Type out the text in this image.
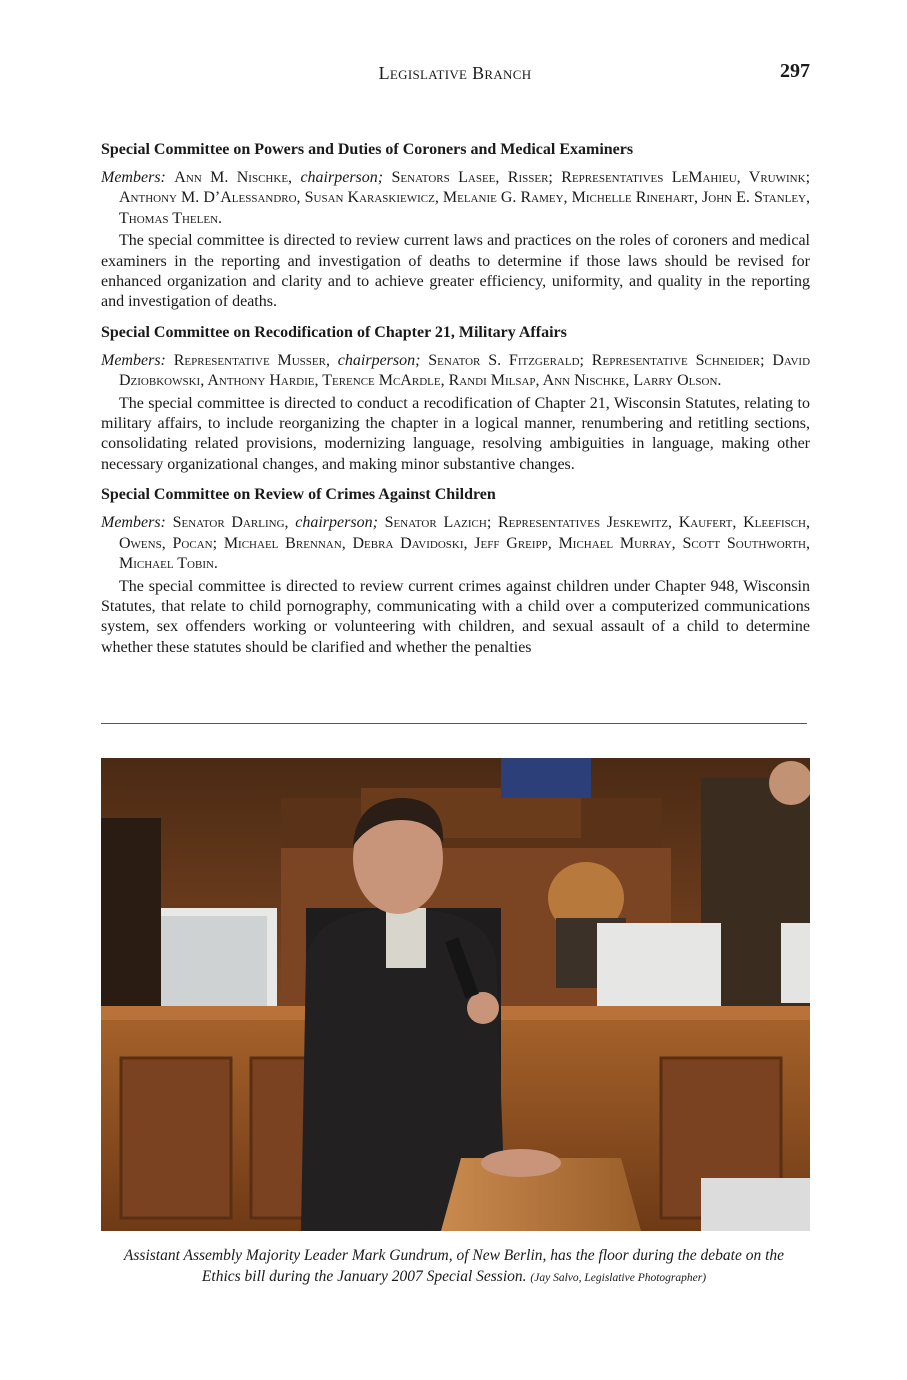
Legislative Branch	297
Special Committee on Powers and Duties of Coroners and Medical Examiners

Members: Ann M. Nischke, chairperson; Senators Lasee, Risser; Representatives LeMahieu, Vruwink; Anthony M. D’Alessandro, Susan Karaskiewicz, Melanie G. Ramey, Michelle Rinehart, John E. Stanley, Thomas Thelen.

The special committee is directed to review current laws and practices on the roles of coroners and medical examiners in the reporting and investigation of deaths to determine if those laws should be revised for enhanced organization and clarity and to achieve greater efficiency, uniformity, and quality in the reporting and investigation of deaths.

Special Committee on Recodification of Chapter 21, Military Affairs

Members: Representative Musser, chairperson; Senator S. Fitzgerald; Representative Schneider; David Dziobkowski, Anthony Hardie, Terence McArdle, Randi Milsap, Ann Nischke, Larry Olson.

The special committee is directed to conduct a recodification of Chapter 21, Wisconsin Statutes, relating to military affairs, to include reorganizing the chapter in a logical manner, renumbering and retitling sections, consolidating related provisions, modernizing language, resolving ambiguities in language, making other necessary organizational changes, and making minor substantive changes.

Special Committee on Review of Crimes Against Children

Members: Senator Darling, chairperson; Senator Lazich; Representatives Jeskewitz, Kaufert, Kleefisch, Owens, Pocan; Michael Brennan, Debra Davidoski, Jeff Greipp, Michael Murray, Scott Southworth, Michael Tobin.

The special committee is directed to review current crimes against children under Chapter 948, Wisconsin Statutes, that relate to child pornography, communicating with a child over a computerized communications system, sex offenders working or volunteering with children, and sexual assault of a child to determine whether these statutes should be clarified and whether the penalties

Assistant Assembly Majority Leader Mark Gundrum, of New Berlin, has the floor during the debate on the Ethics bill during the January 2007 Special Session. (Jay Salvo, Legislative Photographer)
